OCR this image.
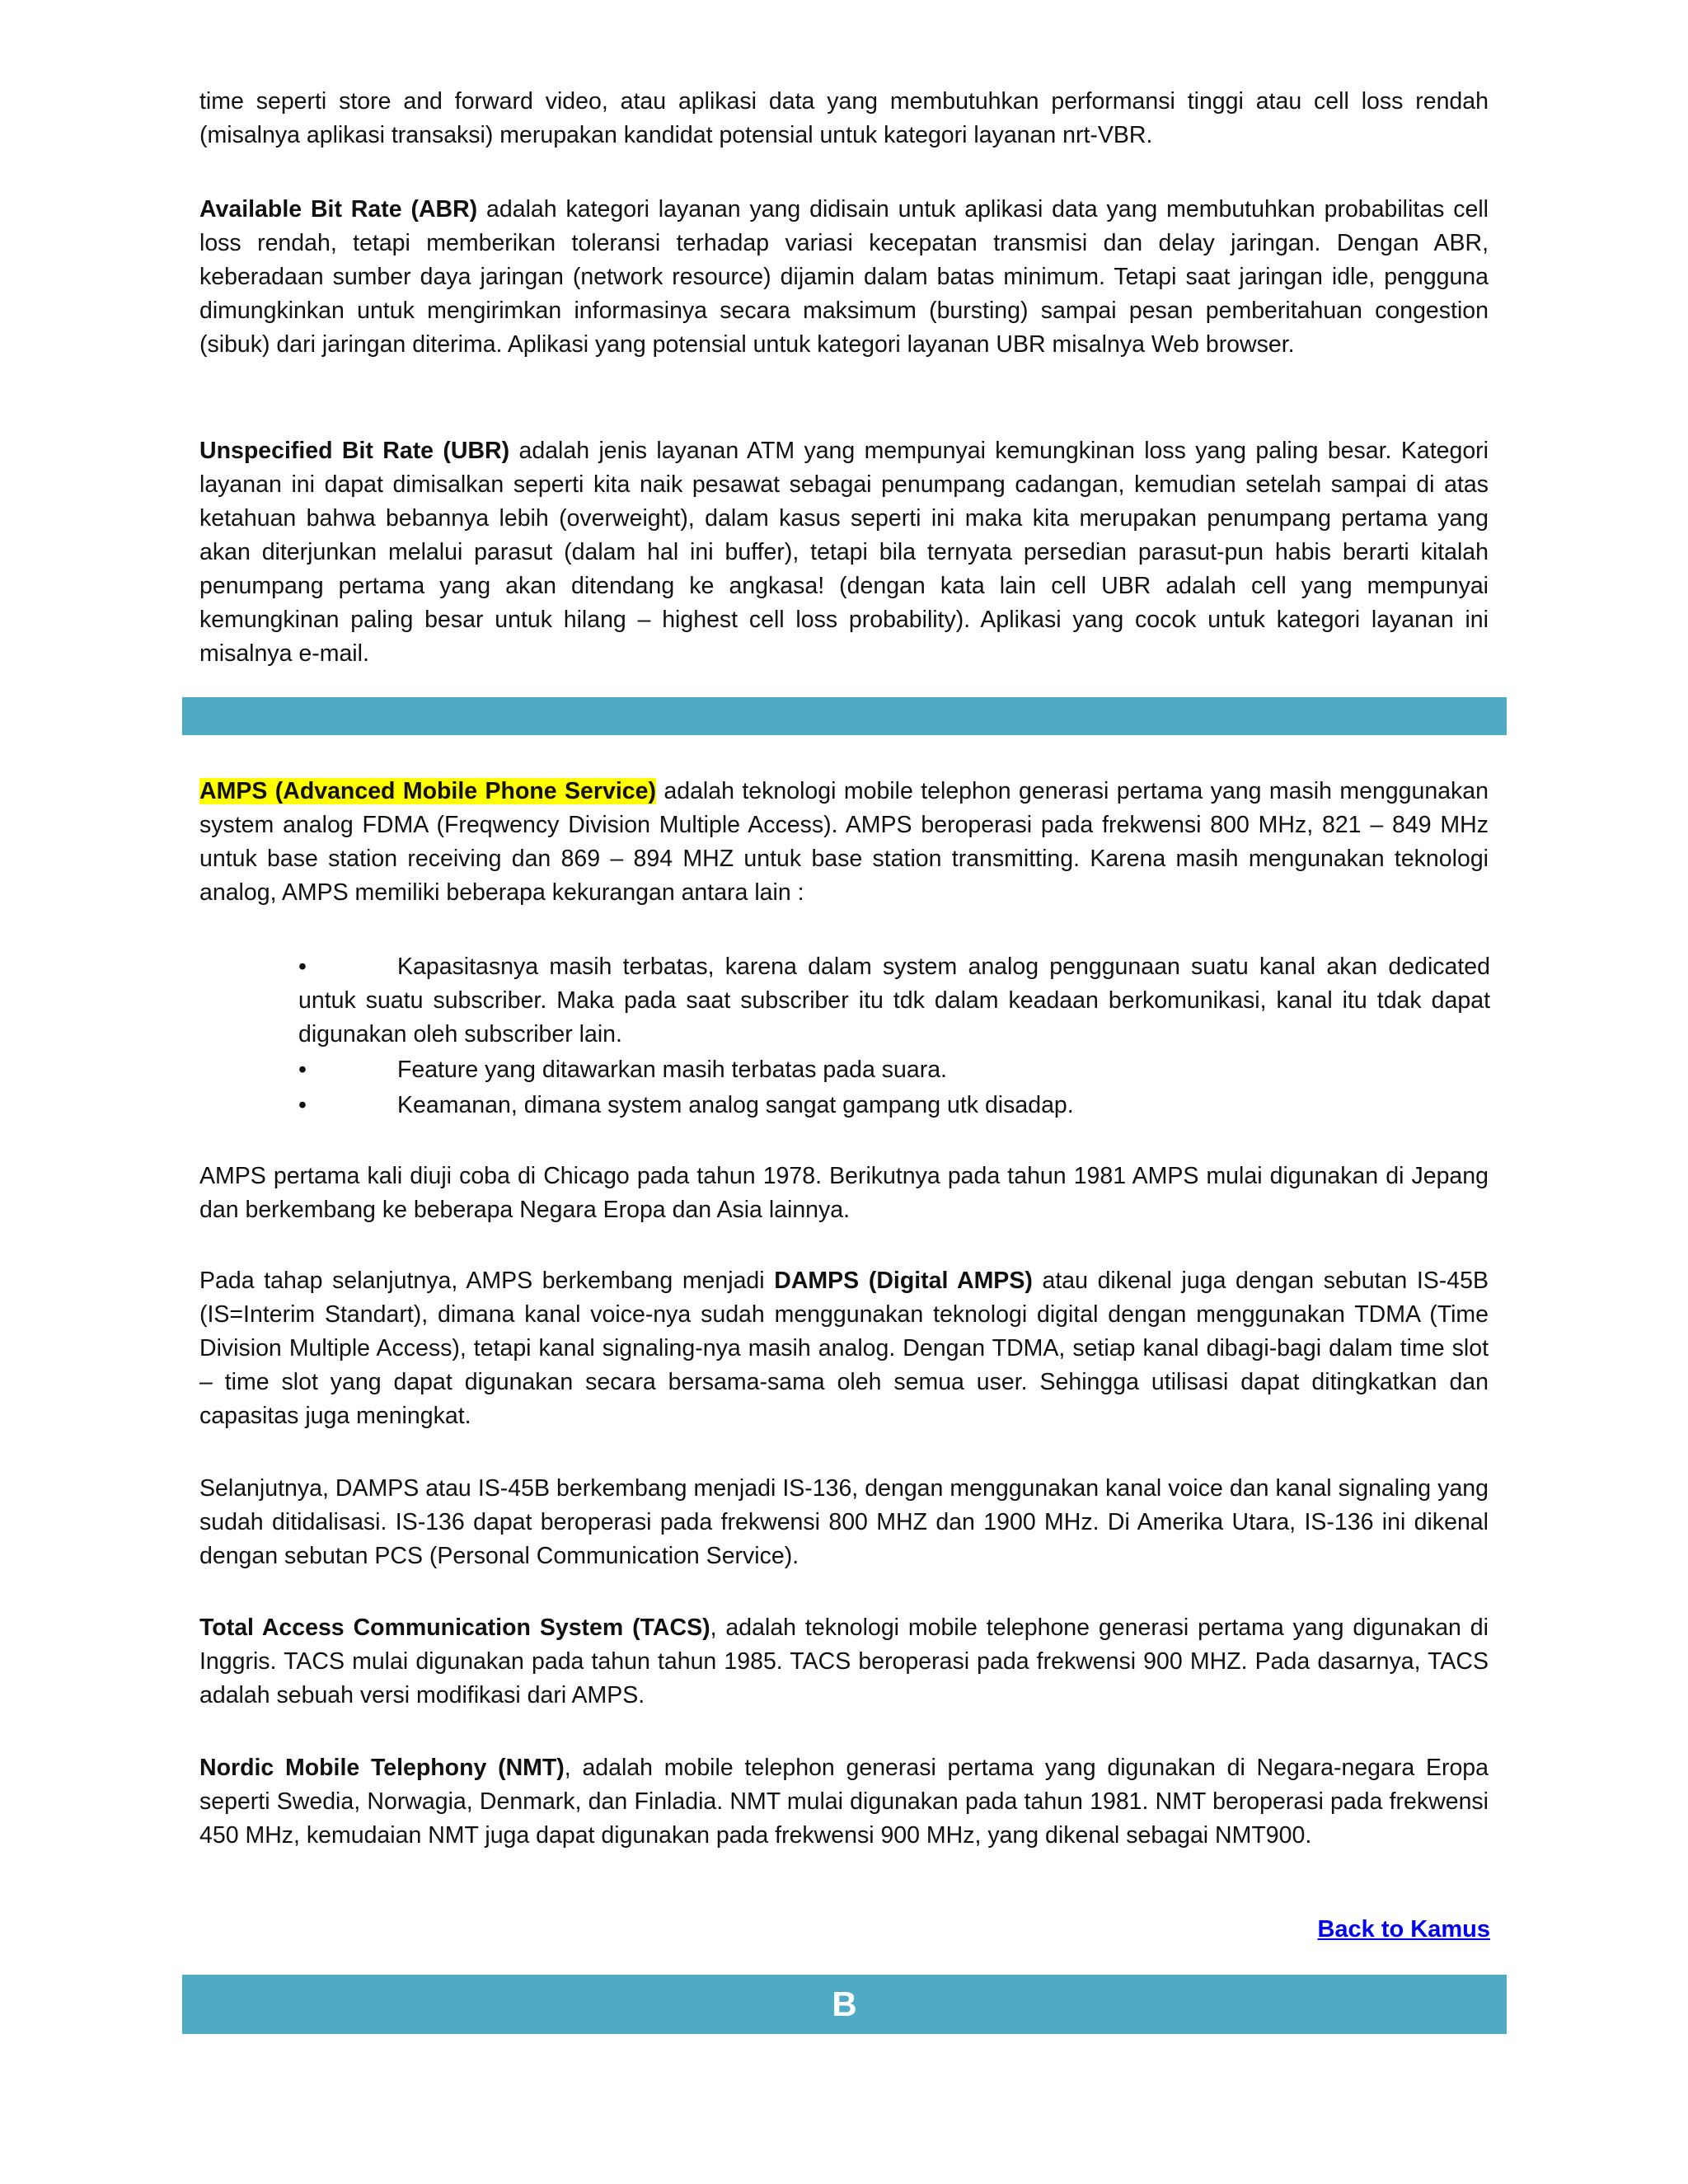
time seperti store and forward video, atau aplikasi data yang membutuhkan performansi tinggi atau cell loss rendah (misalnya aplikasi transaksi) merupakan kandidat potensial untuk kategori layanan nrt-VBR.

Available Bit Rate (ABR) adalah kategori layanan yang didisain untuk aplikasi data yang membutuhkan probabilitas cell loss rendah, tetapi memberikan toleransi terhadap variasi kecepatan transmisi dan delay jaringan. Dengan ABR, keberadaan sumber daya jaringan (network resource) dijamin dalam batas minimum. Tetapi saat jaringan idle, pengguna dimungkinkan untuk mengirimkan informasinya secara maksimum (bursting) sampai pesan pemberitahuan congestion (sibuk) dari jaringan diterima. Aplikasi yang potensial untuk kategori layanan UBR misalnya Web browser.

Unspecified Bit Rate (UBR) adalah jenis layanan ATM yang mempunyai kemungkinan loss yang paling besar. Kategori layanan ini dapat dimisalkan seperti kita naik pesawat sebagai penumpang cadangan, kemudian setelah sampai di atas ketahuan bahwa bebannya lebih (overweight), dalam kasus seperti ini maka kita merupakan penumpang pertama yang akan diterjunkan melalui parasut (dalam hal ini buffer), tetapi bila ternyata persedian parasut-pun habis berarti kitalah penumpang pertama yang akan ditendang ke angkasa! (dengan kata lain cell UBR adalah cell yang mempunyai kemungkinan paling besar untuk hilang – highest cell loss probability). Aplikasi yang cocok untuk kategori layanan ini misalnya e-mail.

AMPS (Advanced Mobile Phone Service) adalah teknologi mobile telephon generasi pertama yang masih menggunakan system analog FDMA (Freqwency Division Multiple Access). AMPS beroperasi pada frekwensi 800 MHz, 821 – 849 MHz untuk base station receiving dan 869 – 894 MHZ untuk base station transmitting. Karena masih mengunakan teknologi analog, AMPS memiliki beberapa kekurangan antara lain :

•	Kapasitasnya masih terbatas, karena dalam system analog penggunaan suatu kanal akan dedicated untuk suatu subscriber. Maka pada saat subscriber itu tdk dalam keadaan berkomunikasi, kanal itu tdak dapat digunakan oleh subscriber lain.
•	Feature yang ditawarkan masih terbatas pada suara.
•	Keamanan, dimana system analog sangat gampang utk disadap.

AMPS pertama kali diuji coba di Chicago pada tahun 1978. Berikutnya pada tahun 1981 AMPS mulai digunakan di Jepang dan berkembang ke beberapa Negara Eropa dan Asia lainnya.

Pada tahap selanjutnya, AMPS berkembang menjadi DAMPS (Digital AMPS) atau dikenal juga dengan sebutan IS-45B (IS=Interim Standart), dimana kanal voice-nya sudah menggunakan teknologi digital dengan menggunakan TDMA (Time Division Multiple Access), tetapi kanal signaling-nya masih analog. Dengan TDMA, setiap kanal dibagi-bagi dalam time slot – time slot yang dapat digunakan secara bersama-sama oleh semua user. Sehingga utilisasi dapat ditingkatkan dan capasitas juga meningkat.

Selanjutnya, DAMPS atau IS-45B berkembang menjadi IS-136, dengan menggunakan kanal voice dan kanal signaling yang sudah ditidalisasi. IS-136 dapat beroperasi pada frekwensi 800 MHZ dan 1900 MHz. Di Amerika Utara, IS-136 ini dikenal dengan sebutan PCS (Personal Communication Service).

Total Access Communication System (TACS), adalah teknologi mobile telephone generasi pertama yang digunakan di Inggris. TACS mulai digunakan pada tahun tahun 1985. TACS beroperasi pada frekwensi 900 MHZ. Pada dasarnya, TACS adalah sebuah versi modifikasi dari AMPS.

Nordic Mobile Telephony (NMT), adalah mobile telephon generasi pertama yang digunakan di Negara-negara Eropa seperti Swedia, Norwagia, Denmark, dan Finladia. NMT mulai digunakan pada tahun 1981. NMT beroperasi pada frekwensi 450 MHz, kemudaian NMT juga dapat digunakan pada frekwensi 900 MHz, yang dikenal sebagai NMT900.

Back to Kamus
B
